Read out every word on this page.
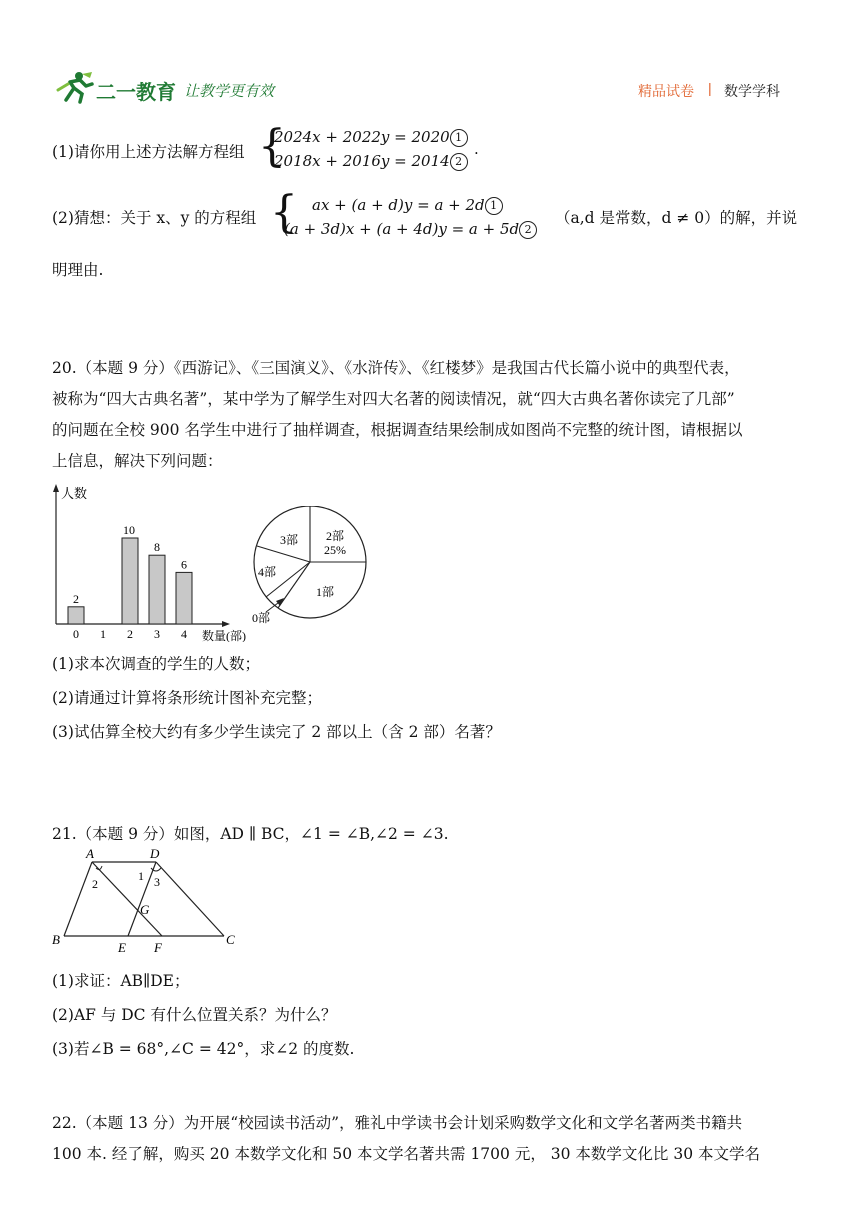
二一教育 让教学更有效	精品试卷 | 数学学科
(1)请你用上述方法解方程组 {
2024x + 2022y = 2020 1
2018x + 2016y = 2014 2
.
(2)猜想：关于 x、y 的方程组 { ax + (a + d)y = a + 2d 1
(a + 3d)x + (a + 4d)y = a + 5d 2
（a,d 是常数，d ≠ 0）的解，并说
明理由.
20.（本题 9 分）《西游记》、《三国演义》、《水浒传》、《红楼梦》是我国古代长篇小说中的典型代表，
被称为“四大古典名著”，某中学为了解学生对四大名著的阅读情况，就“四大古典名著你读完了几部”
的问题在全校 900 名学生中进行了抽样调查，根据调查结果绘制成如图尚不完整的统计图，请根据以
上信息，解决下列问题：
人数
数量(部)
0
2
1 2
10
3
8
4
6
2部
25%
1部
0部
4部
3部
(1)求本次调查的学生的人数；
(2)请通过计算将条形统计图补充完整；
(3)试估算全校大约有多少学生读完了 2 部以上（含 2 部）名著？
21.（本题 9 分）如图，AD ∥ BC，∠1 = ∠B,∠2 = ∠3.
A	D
B	C
E F
G
1
2	3
(1)求证：AB∥DE；
(2)AF 与 DC 有什么位置关系？为什么？
(3)若∠B = 68°,∠C = 42°，求∠2 的度数.
22.（本题 13 分）为开展“校园读书活动”，雅礼中学读书会计划采购数学文化和文学名著两类书籍共
100 本. 经了解，购买 20 本数学文化和 50 本文学名著共需 1700 元， 30 本数学文化比 30 本文学名
